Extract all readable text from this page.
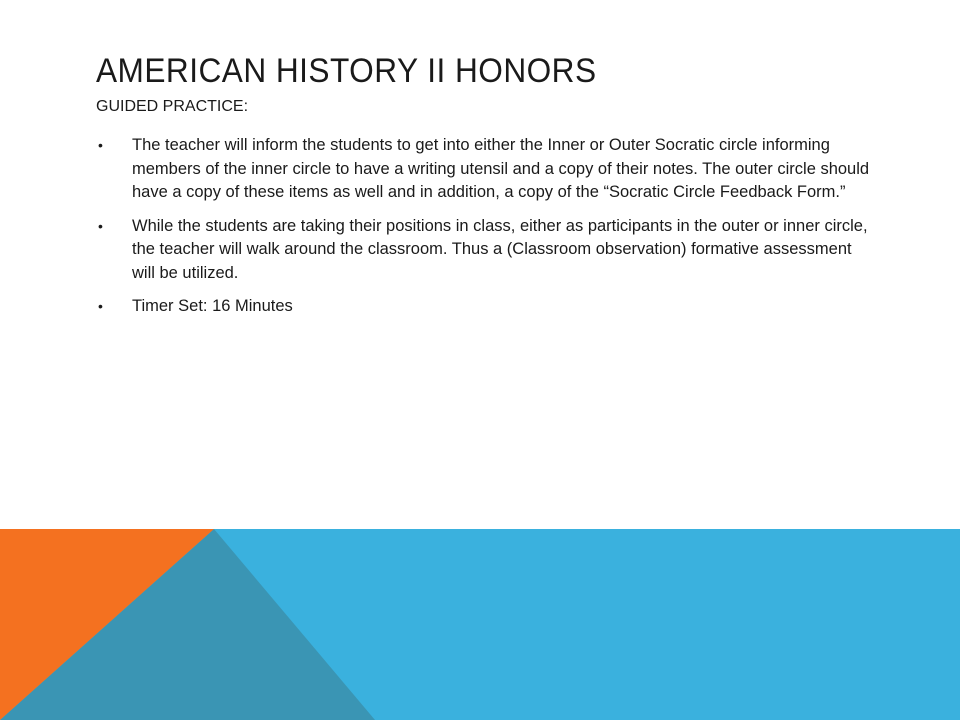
AMERICAN HISTORY II HONORS
GUIDED PRACTICE:
• The teacher will inform the students to get into either the Inner or Outer Socratic circle informing members of the inner circle to have a writing utensil and a copy of their notes. The outer circle should have a copy of these items as well and in addition, a copy of the “Socratic Circle Feedback Form.”
• While the students are taking their positions in class, either as participants in the outer or inner circle, the teacher will walk around the classroom. Thus a (Classroom observation) formative assessment will be utilized.
• Timer Set: 16 Minutes
